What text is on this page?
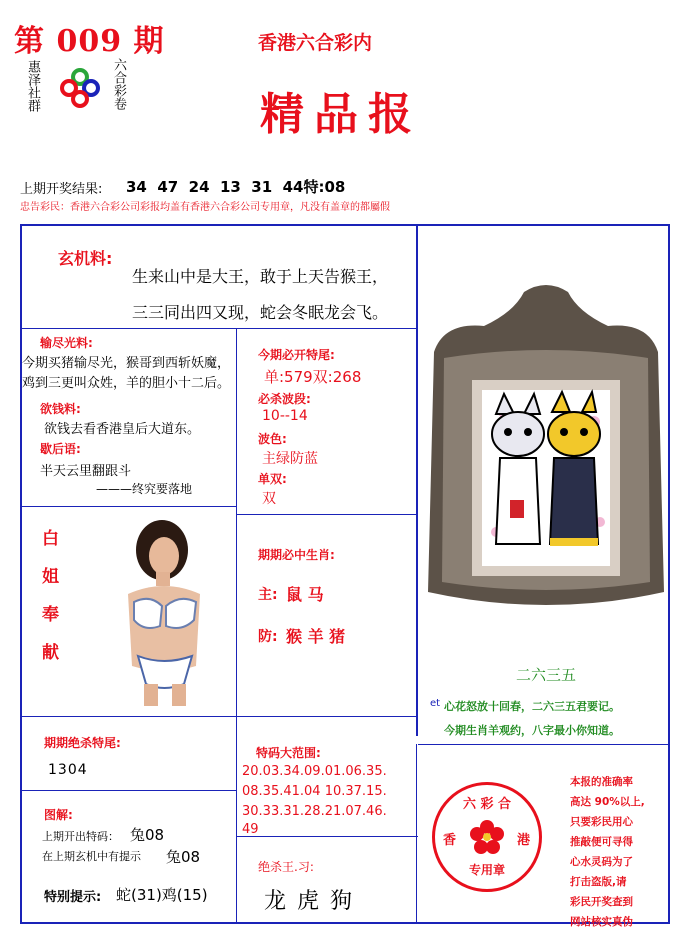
第 009 期
惠泽社群	六合彩卷
香港六合彩内
精品报
上期开奖结果: 34  47  24  13  31  44特:08
忠告彩民：香港六合彩公司彩报均盖有香港六合彩公司专用章，凡没有盖章的都屬假
玄机料:
生来山中是大王，敢于上天告猴王，
三三同出四又现，蛇会冬眠龙会飞。
输尽光料:
今期买猪输尽光，猴哥到西斩妖魔，
鸡到三更叫众姓，羊的胆小十二后。
欲钱料:
欲钱去看香港皇后大道东。
歇后语:
半天云里翻跟斗
———终究要落地
今期必开特尾:
单:579双:268
必杀波段:
10--14
波色:
主绿防蓝
单双:
双
白
姐
奉
献
期期必中生肖:
主: 鼠 马
防: 猴 羊 猪
二六三五
et 心花怒放十回春，二六三五君要记。
今期生肖羊观约，八字最小你知道。
期期绝杀特尾:
1304
特码大范围:
20.03.34.09.01.06.35.
08.35.41.04 10.37.15.
30.33.31.28.21.07.46.
49
图解:
上期开出特码： 兔08
在上期玄机中有提示 兔08
特别提示: 蛇(31)鸡(15)
绝杀王.习:
龙 虎 狗
六 彩 合
香	港
专用章
本报的准确率
高达 90%以上,
只要彩民用心
推敲便可寻得
心水灵码为了
打击盗版,请
彩民开奖查到
网站核实真伪
